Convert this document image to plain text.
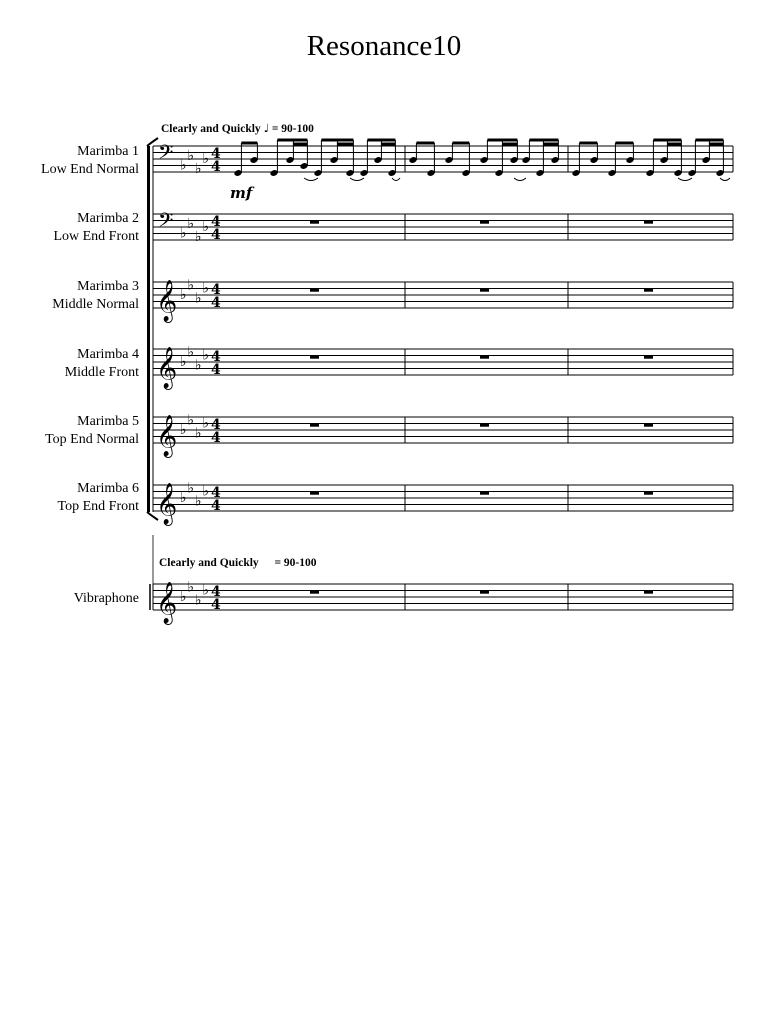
Resonance10
Clearly and Quickly ♩ = 90-100
Clearly and Quickly = 90-100
Marimba 1
Low End Normal
Marimba 2
Low End Front
Marimba 3
Middle Normal
Marimba 4
Middle Front
Marimba 5
Top End Normal
Marimba 6
Top End Front
Vibraphone
𝄢 ♭
♭
♭
♭ 4
4
𝄢 ♭
♭
♭
♭ 4
4
𝄞 ♭
♭
♭
♭ 4
4
𝄞 ♭
♭
♭
♭ 4
4
𝄞 ♭
♭
♭
♭ 4
4
𝄞 ♭
♭
♭
♭ 4
4
𝄞 ♭
♭
♭
♭ 4
4
mf
